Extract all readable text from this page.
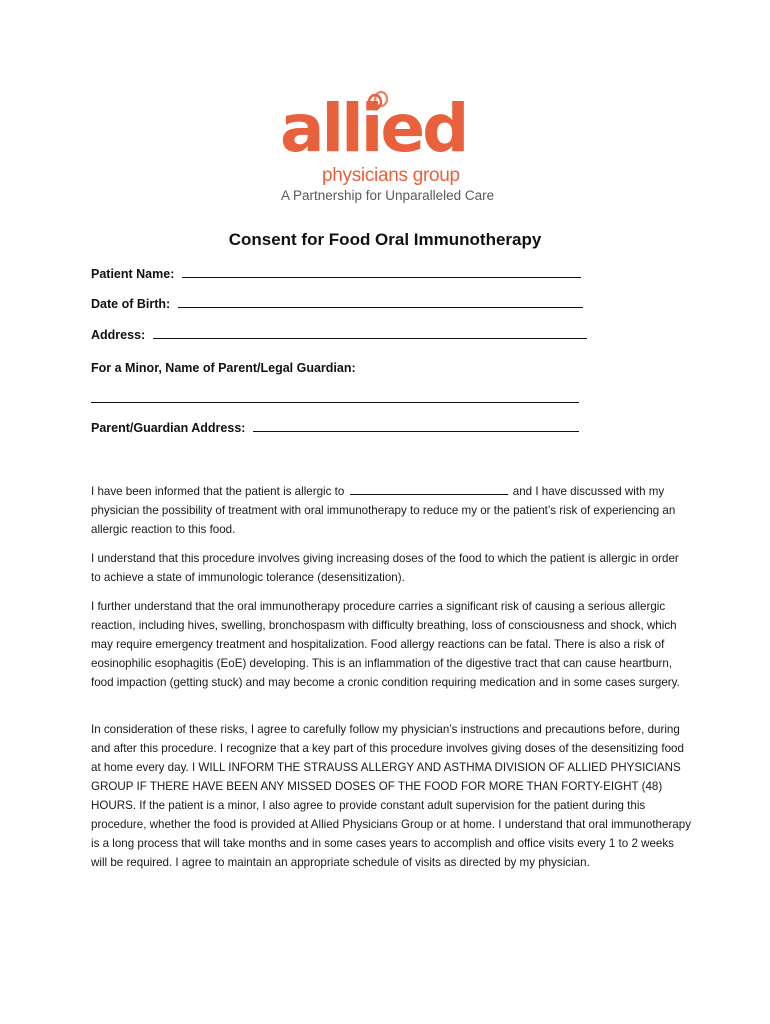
allied
physicians group
A Partnership for Unparalleled Care
Consent for Food Oral Immunotherapy
Patient Name:
Date of Birth:
Address:
For a Minor, Name of Parent/Legal Guardian:
Parent/Guardian Address:
I have been informed that the patient is allergic to	and I have discussed with my physician the possibility of treatment with oral immunotherapy to reduce my or the patient’s risk of experiencing an allergic reaction to this food.
I understand that this procedure involves giving increasing doses of the food to which the patient is allergic in order to achieve a state of immunologic tolerance (desensitization).
I further understand that the oral immunotherapy procedure carries a significant risk of causing a serious allergic reaction, including hives, swelling, bronchospasm with difficulty breathing, loss of consciousness and shock, which may require emergency treatment and hospitalization. Food allergy reactions can be fatal. There is also a risk of eosinophilic esophagitis (EoE) developing. This is an inflammation of the digestive tract that can cause heartburn, food impaction (getting stuck) and may become a cronic condition requiring medication and in some cases surgery.
In consideration of these risks, I agree to carefully follow my physician’s instructions and precautions before, during and after this procedure. I recognize that a key part of this procedure involves giving doses of the desensitizing food at home every day. I WILL INFORM THE STRAUSS ALLERGY AND ASTHMA DIVISION OF ALLIED PHYSICIANS GROUP IF THERE HAVE BEEN ANY MISSED DOSES OF THE FOOD FOR MORE THAN FORTY-EIGHT (48) HOURS. If the patient is a minor, I also agree to provide constant adult supervision for the patient during this procedure, whether the food is provided at Allied Physicians Group or at home. I understand that oral immunotherapy is a long process that will take months and in some cases years to accomplish and office visits every 1 to 2 weeks will be required. I agree to maintain an appropriate schedule of visits as directed by my physician.
